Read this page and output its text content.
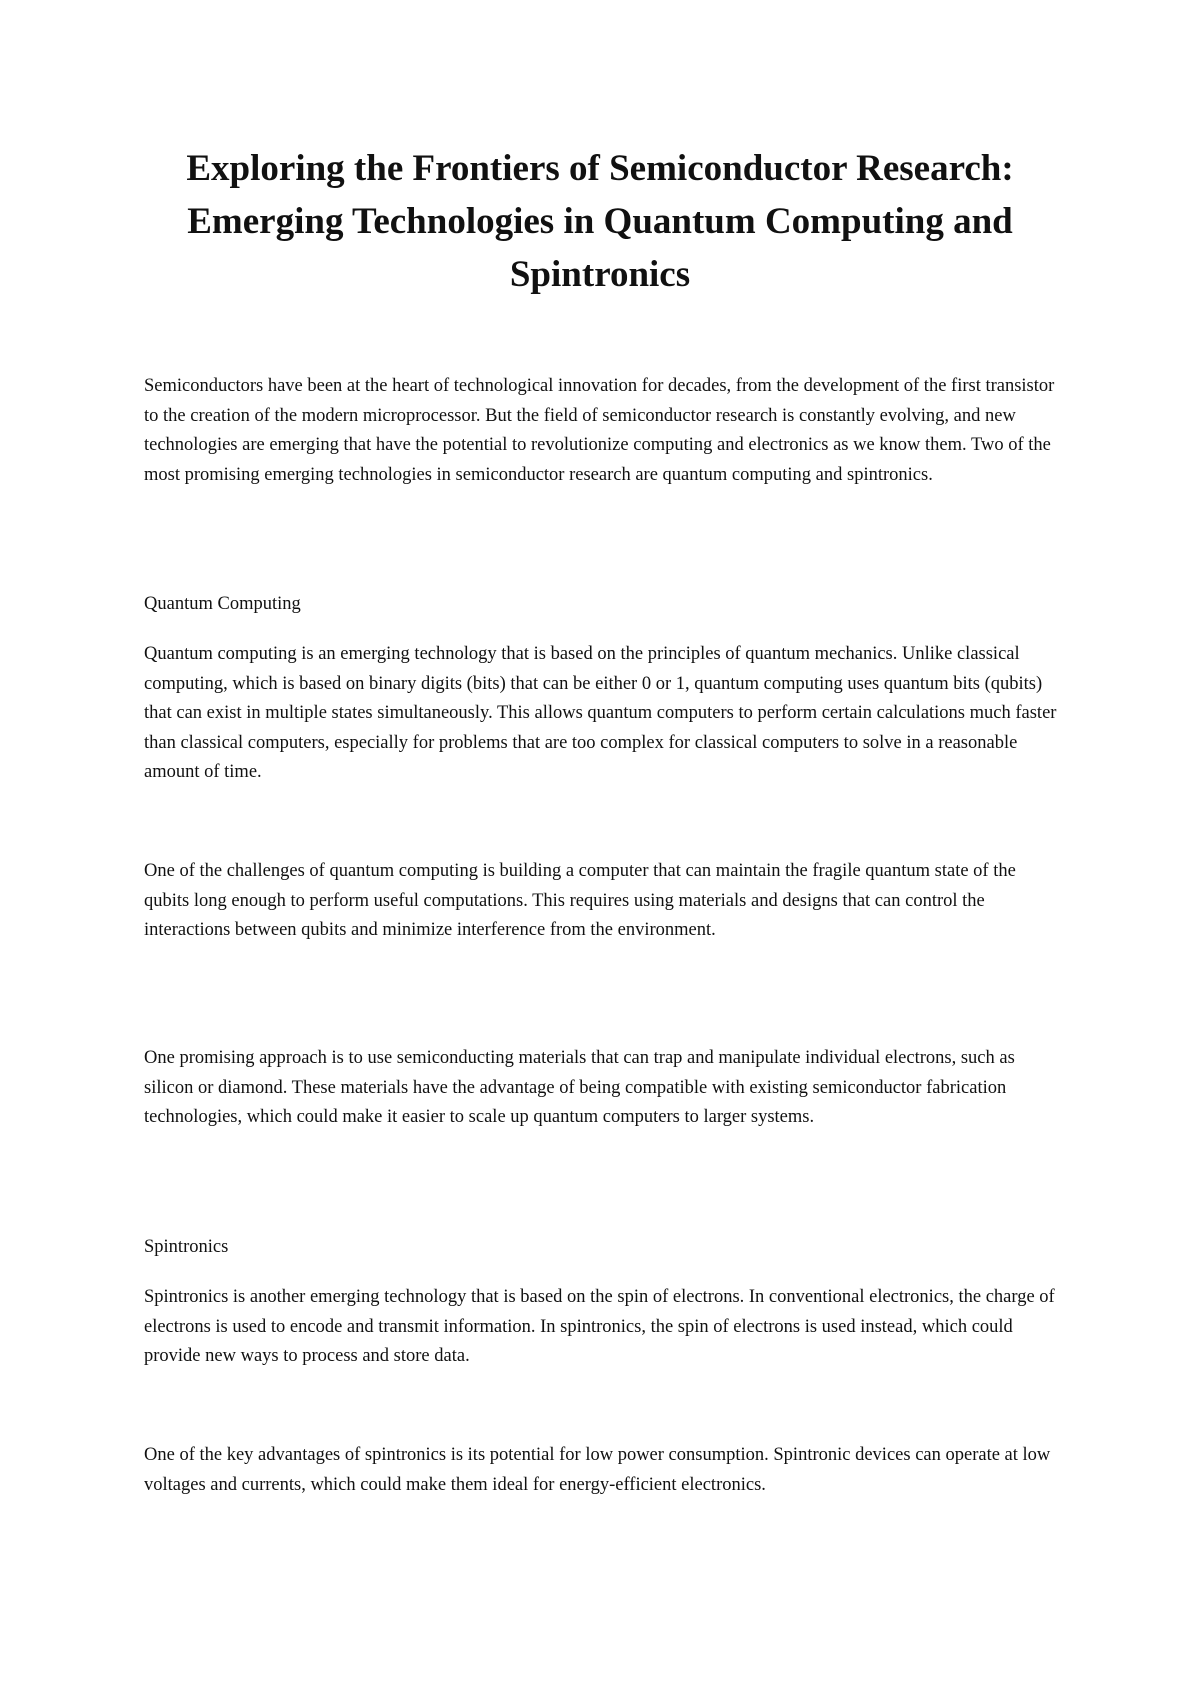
Exploring the Frontiers of Semiconductor Research: Emerging Technologies in Quantum Computing and Spintronics

Semiconductors have been at the heart of technological innovation for decades, from the development of the first transistor to the creation of the modern microprocessor. But the field of semiconductor research is constantly evolving, and new technologies are emerging that have the potential to revolutionize computing and electronics as we know them. Two of the most promising emerging technologies in semiconductor research are quantum computing and spintronics.

Quantum Computing

Quantum computing is an emerging technology that is based on the principles of quantum mechanics. Unlike classical computing, which is based on binary digits (bits) that can be either 0 or 1, quantum computing uses quantum bits (qubits) that can exist in multiple states simultaneously. This allows quantum computers to perform certain calculations much faster than classical computers, especially for problems that are too complex for classical computers to solve in a reasonable amount of time.

One of the challenges of quantum computing is building a computer that can maintain the fragile quantum state of the qubits long enough to perform useful computations. This requires using materials and designs that can control the interactions between qubits and minimize interference from the environment.

One promising approach is to use semiconducting materials that can trap and manipulate individual electrons, such as silicon or diamond. These materials have the advantage of being compatible with existing semiconductor fabrication technologies, which could make it easier to scale up quantum computers to larger systems.

Spintronics

Spintronics is another emerging technology that is based on the spin of electrons. In conventional electronics, the charge of electrons is used to encode and transmit information. In spintronics, the spin of electrons is used instead, which could provide new ways to process and store data.

One of the key advantages of spintronics is its potential for low power consumption. Spintronic devices can operate at low voltages and currents, which could make them ideal for energy-efficient electronics.
